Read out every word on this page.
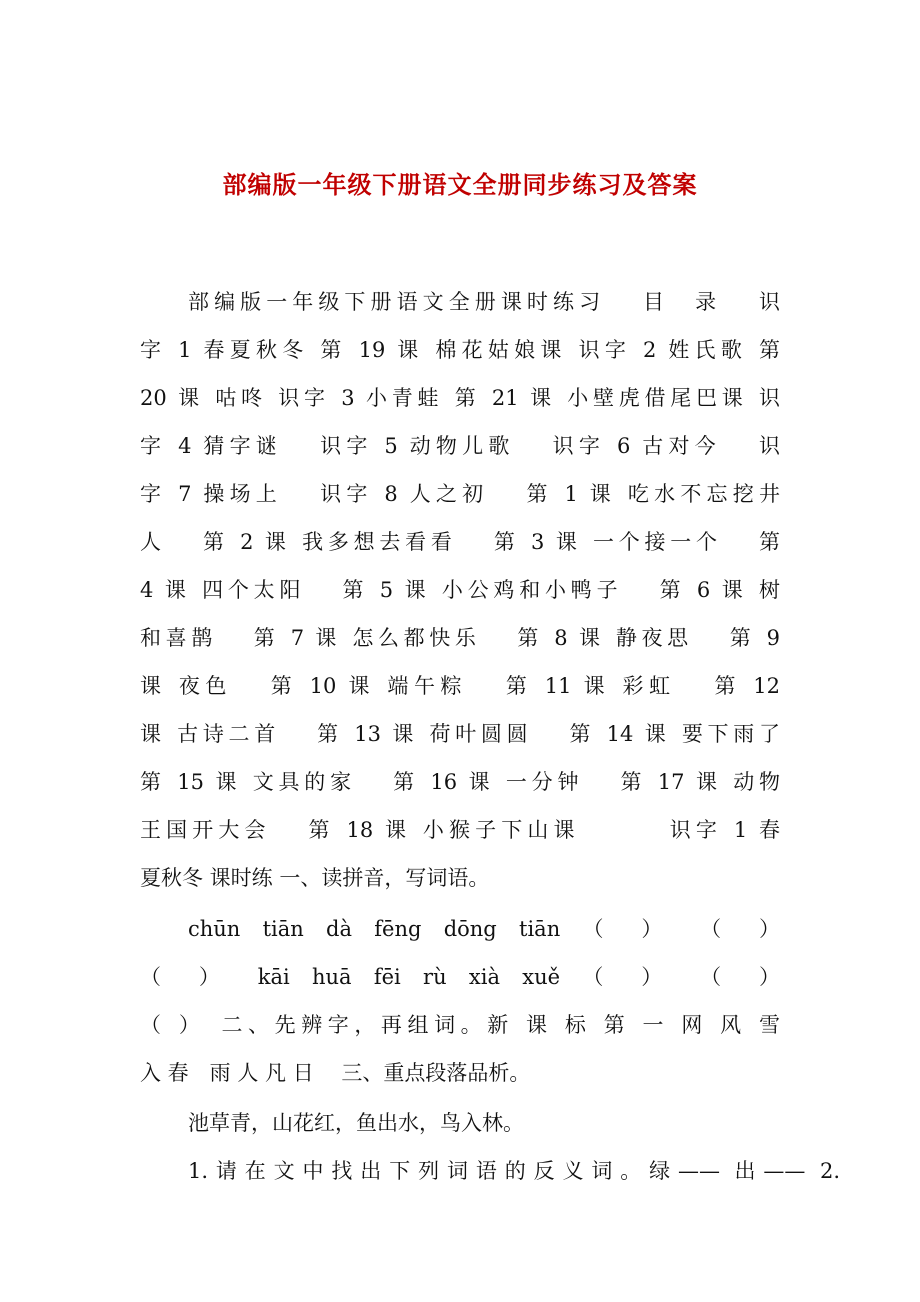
部编版一年级下册语文全册同步练习及答案
部编版一年级下册语文全册课时练习　 目　录　 识
字 1 春夏秋冬 第 19 课 棉花姑娘课 识字 2 姓氏歌 第
20 课 咕咚 识字 3 小青蛙 第 21 课 小壁虎借尾巴课 识
字 4 猜字谜　 识字 5 动物儿歌　 识字 6 古对今　 识
字 7 操场上　 识字 8 人之初　 第 1 课 吃水不忘挖井
人　 第 2 课 我多想去看看　 第 3 课 一个接一个　 第
4 课 四个太阳　 第 5 课 小公鸡和小鸭子　 第 6 课 树
和喜鹊　 第 7 课 怎么都快乐　 第 8 课 静夜思　 第 9
课 夜色　 第 10 课 端午粽　 第 11 课 彩虹　 第 12
课 古诗二首　 第 13 课 荷叶圆圆　 第 14 课 要下雨了
第 15 课 文具的家　 第 16 课 一分钟　 第 17 课 动物
王国开大会　 第 18 课 小猴子下山课　　　 识字 1 春
夏秋冬 课时练 一、读拼音，写词语。
chūn tiān dà fēng dōng tiān （ ） （ ）
（ ） kāi huā fēi rù xià xuě （ ） （ ）
（ ）　二、先辨字，再组词。新 课 标 第 一 网 风 雪
入 春　雨 人 凡 日　 三、重点段落品析。
池草青，山花红，鱼出水，鸟入林。
1.请在文中找出下列词语的反义词。绿—— 出—— 2.
